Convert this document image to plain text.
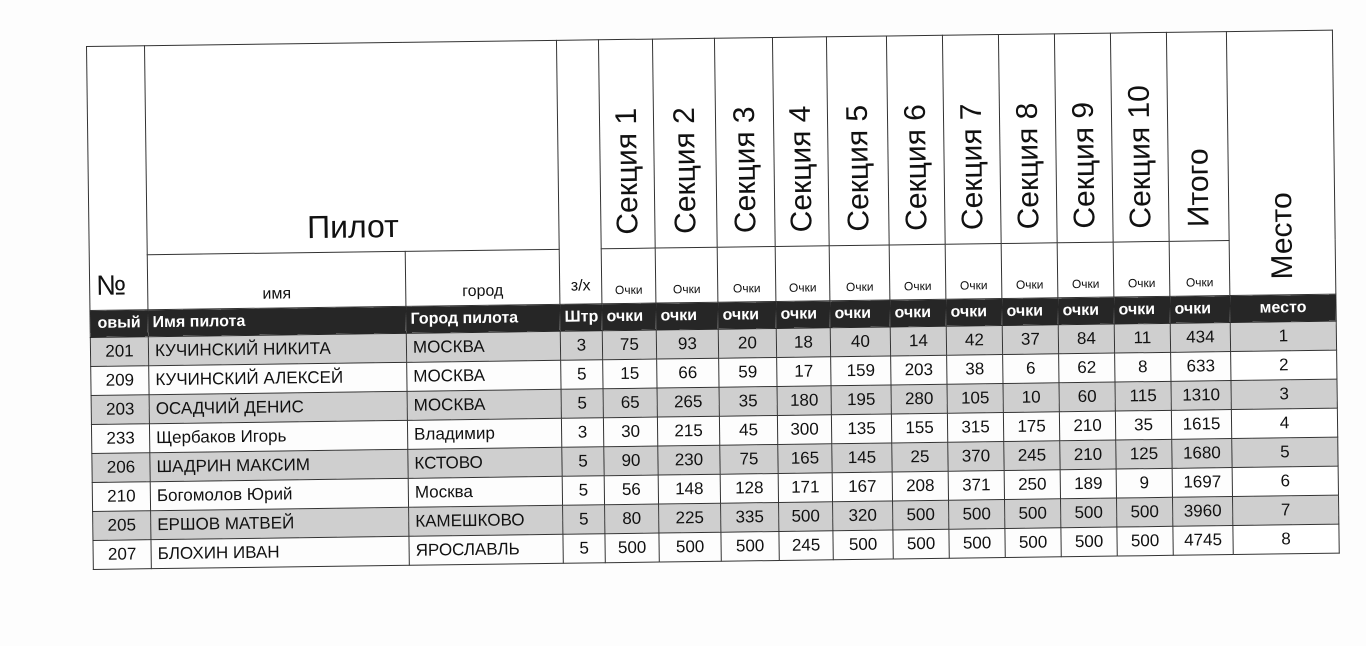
№	Пилот		з/х	Секция 1	Секция 2	Секция 3	Секция 4	Секция 5	Секция 6	Секция 7	Секция 8	Секция 9	Секция 10	Итого	Место
	имя	город		Очки	Очки	Очки	Очки	Очки	Очки	Очки	Очки	Очки	Очки	Очки	
овый	Имя пилота	Город пилота	Штр	очки	очки	очки	очки	очки	очки	очки	очки	очки	очки	очки	место
201	КУЧИНСКИЙ НИКИТА	МОСКВА	3	75	93	20	18	40	14	42	37	84	11	434	1
209	КУЧИНСКИЙ АЛЕКСЕЙ	МОСКВА	5	15	66	59	17	159	203	38	6	62	8	633	2
203	ОСАДЧИЙ ДЕНИС	МОСКВА	5	65	265	35	180	195	280	105	10	60	115	1310	3
233	Щербаков Игорь	Владимир	3	30	215	45	300	135	155	315	175	210	35	1615	4
206	ШАДРИН МАКСИМ	КСТОВО	5	90	230	75	165	145	25	370	245	210	125	1680	5
210	Богомолов Юрий	Москва	5	56	148	128	171	167	208	371	250	189	9	1697	6
205	ЕРШОВ МАТВЕЙ	КАМЕШКОВО	5	80	225	335	500	320	500	500	500	500	500	3960	7
207	БЛОХИН ИВАН	ЯРОСЛАВЛЬ	5	500	500	500	245	500	500	500	500	500	500	4745	8
